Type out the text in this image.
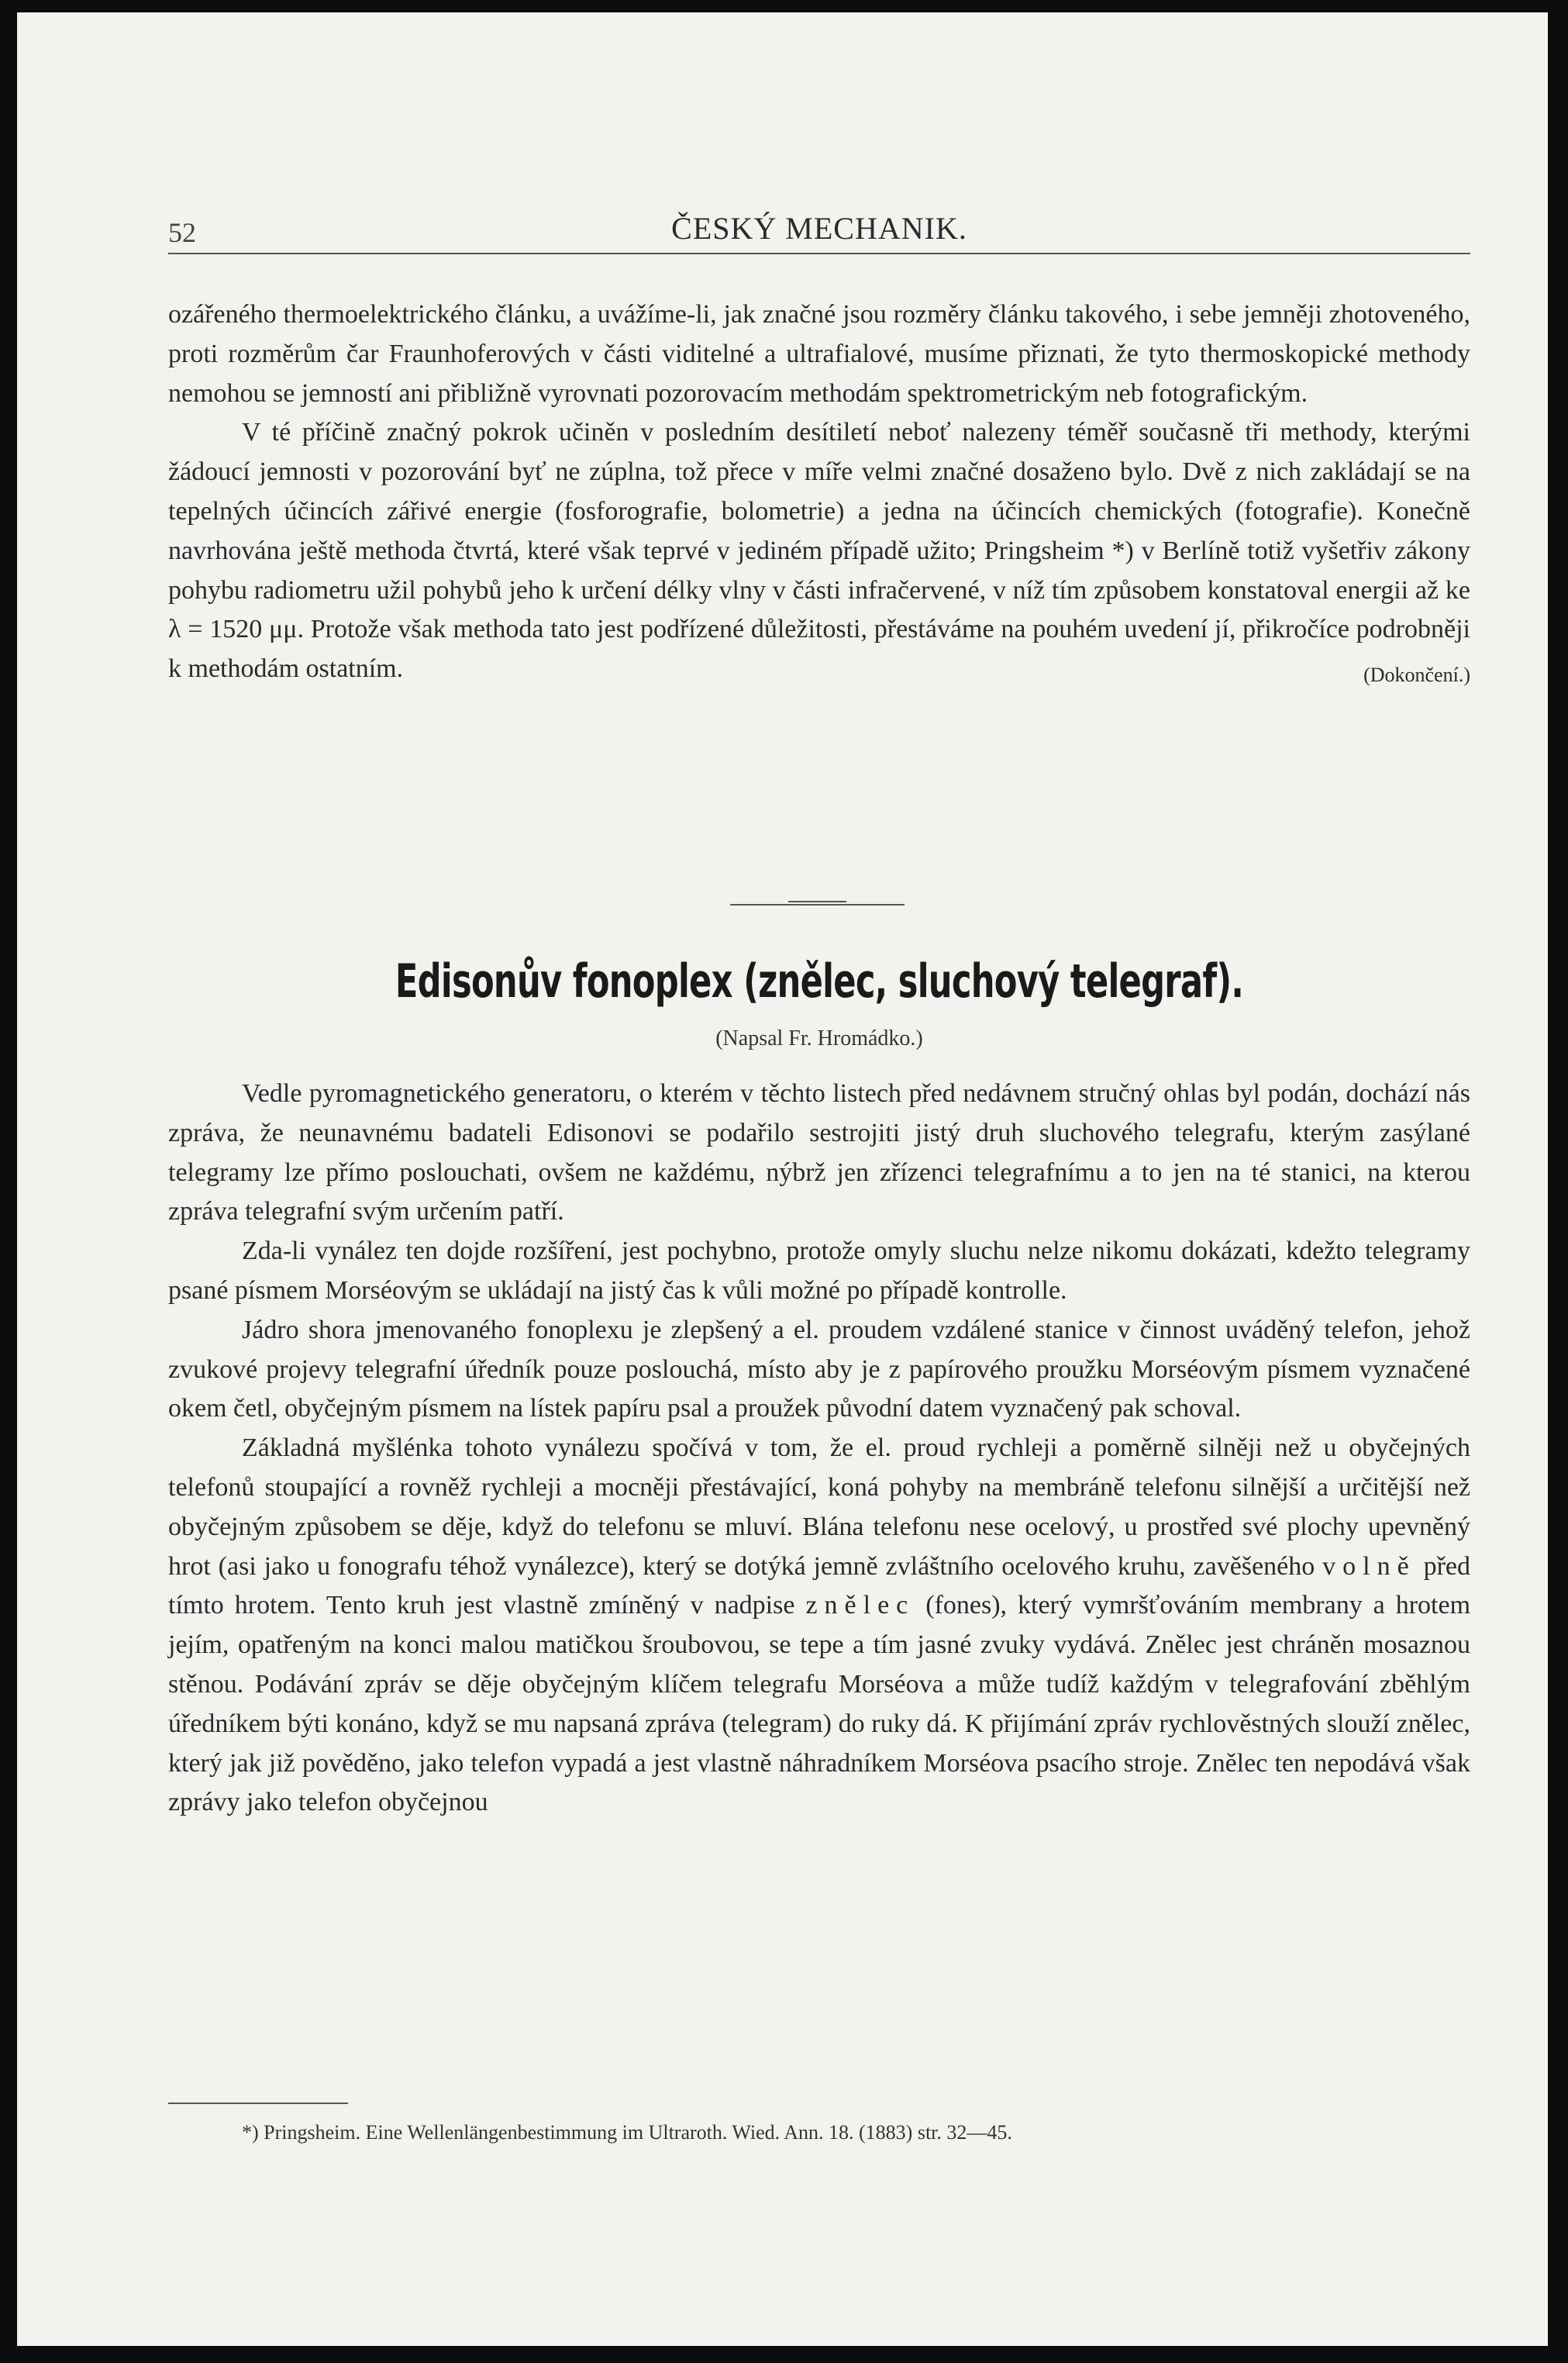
52	ČESKÝ MECHANIK.

ozářeného thermoelektrického článku, a uvážíme-li, jak značné jsou rozměry článku takového, i sebe jemněji zhotoveného, proti rozměrům čar Fraunhoferových v části viditelné a ultrafialové, musíme přiznati, že tyto thermoskopické methody nemohou se jemností ani přibližně vyrovnati pozorovacím methodám spektrometrickým neb fotografickým.

V té příčině značný pokrok učiněn v posledním desítiletí neboť nalezeny téměř současně tři methody, kterými žádoucí jemnosti v pozorování byť ne zúplna, tož přece v míře velmi značné dosaženo bylo. Dvě z nich zakládají se na tepelných účincích zářivé energie (fosforografie, bolometrie) a jedna na účincích chemických (fotografie). Konečně navrhována ještě methoda čtvrtá, které však teprvé v jediném případě užito; Pringsheim *) v Berlíně totiž vyšetřiv zákony pohybu radiometru užil pohybů jeho k určení délky vlny v části infračervené, v níž tím způsobem konstatoval energii až ke λ = 1520 μμ. Protože však methoda tato jest podřízené důležitosti, přestáváme na pouhém uvedení jí, přikročíce podrobněji k methodám ostatním.	(Dokončení.)

Edisonův fonoplex (znělec, sluchový telegraf).
(Napsal Fr. Hromádko.)

Vedle pyromagnetického generatoru, o kterém v těchto listech před nedávnem stručný ohlas byl podán, dochází nás zpráva, že neunavnému badateli Edisonovi se podařilo sestrojiti jistý druh sluchového telegrafu, kterým zasýlané telegramy lze přímo poslouchati, ovšem ne každému, nýbrž jen zřízenci telegrafnímu a to jen na té stanici, na kterou zpráva telegrafní svým určením patří.

Zda-li vynález ten dojde rozšíření, jest pochybno, protože omyly sluchu nelze nikomu dokázati, kdežto telegramy psané písmem Morséovým se ukládají na jistý čas k vůli možné po případě kontrolle.

Jádro shora jmenovaného fonoplexu je zlepšený a el. proudem vzdálené stanice v činnost uváděný telefon, jehož zvukové projevy telegrafní úředník pouze poslouchá, místo aby je z papírového proužku Morséovým písmem vyznačené okem četl, obyčejným písmem na lístek papíru psal a proužek původní datem vyznačený pak schoval.

Základná myšlénka tohoto vynálezu spočívá v tom, že el. proud rychleji a poměrně silněji než u obyčejných telefonů stoupající a rovněž rychleji a mocněji přestávající, koná pohyby na membráně telefonu silnější a určitější než obyčejným způsobem se děje, když do telefonu se mluví. Blána telefonu nese ocelový, u prostřed své plochy upevněný hrot (asi jako u fonografu téhož vynálezce), který se dotýká jemně zvláštního ocelového kruhu, zavěšeného volně před tímto hrotem. Tento kruh jest vlastně zmíněný v nadpise znělec (fones), který vymršťováním membrany a hrotem jejím, opatřeným na konci malou matičkou šroubovou, se tepe a tím jasné zvuky vydává. Znělec jest chráněn mosaznou stěnou. Podávání zpráv se děje obyčejným klíčem telegrafu Morséova a může tudíž každým v telegrafování zběhlým úředníkem býti konáno, když se mu napsaná zpráva (telegram) do ruky dá. K přijímání zpráv rychlověstných slouží znělec, který jak již pověděno, jako telefon vypadá a jest vlastně náhradníkem Morséova psacího stroje. Znělec ten nepodává však zprávy jako telefon obyčejnou

*) Pringsheim. Eine Wellenlängenbestimmung im Ultraroth. Wied. Ann. 18. (1883) str. 32—45.
